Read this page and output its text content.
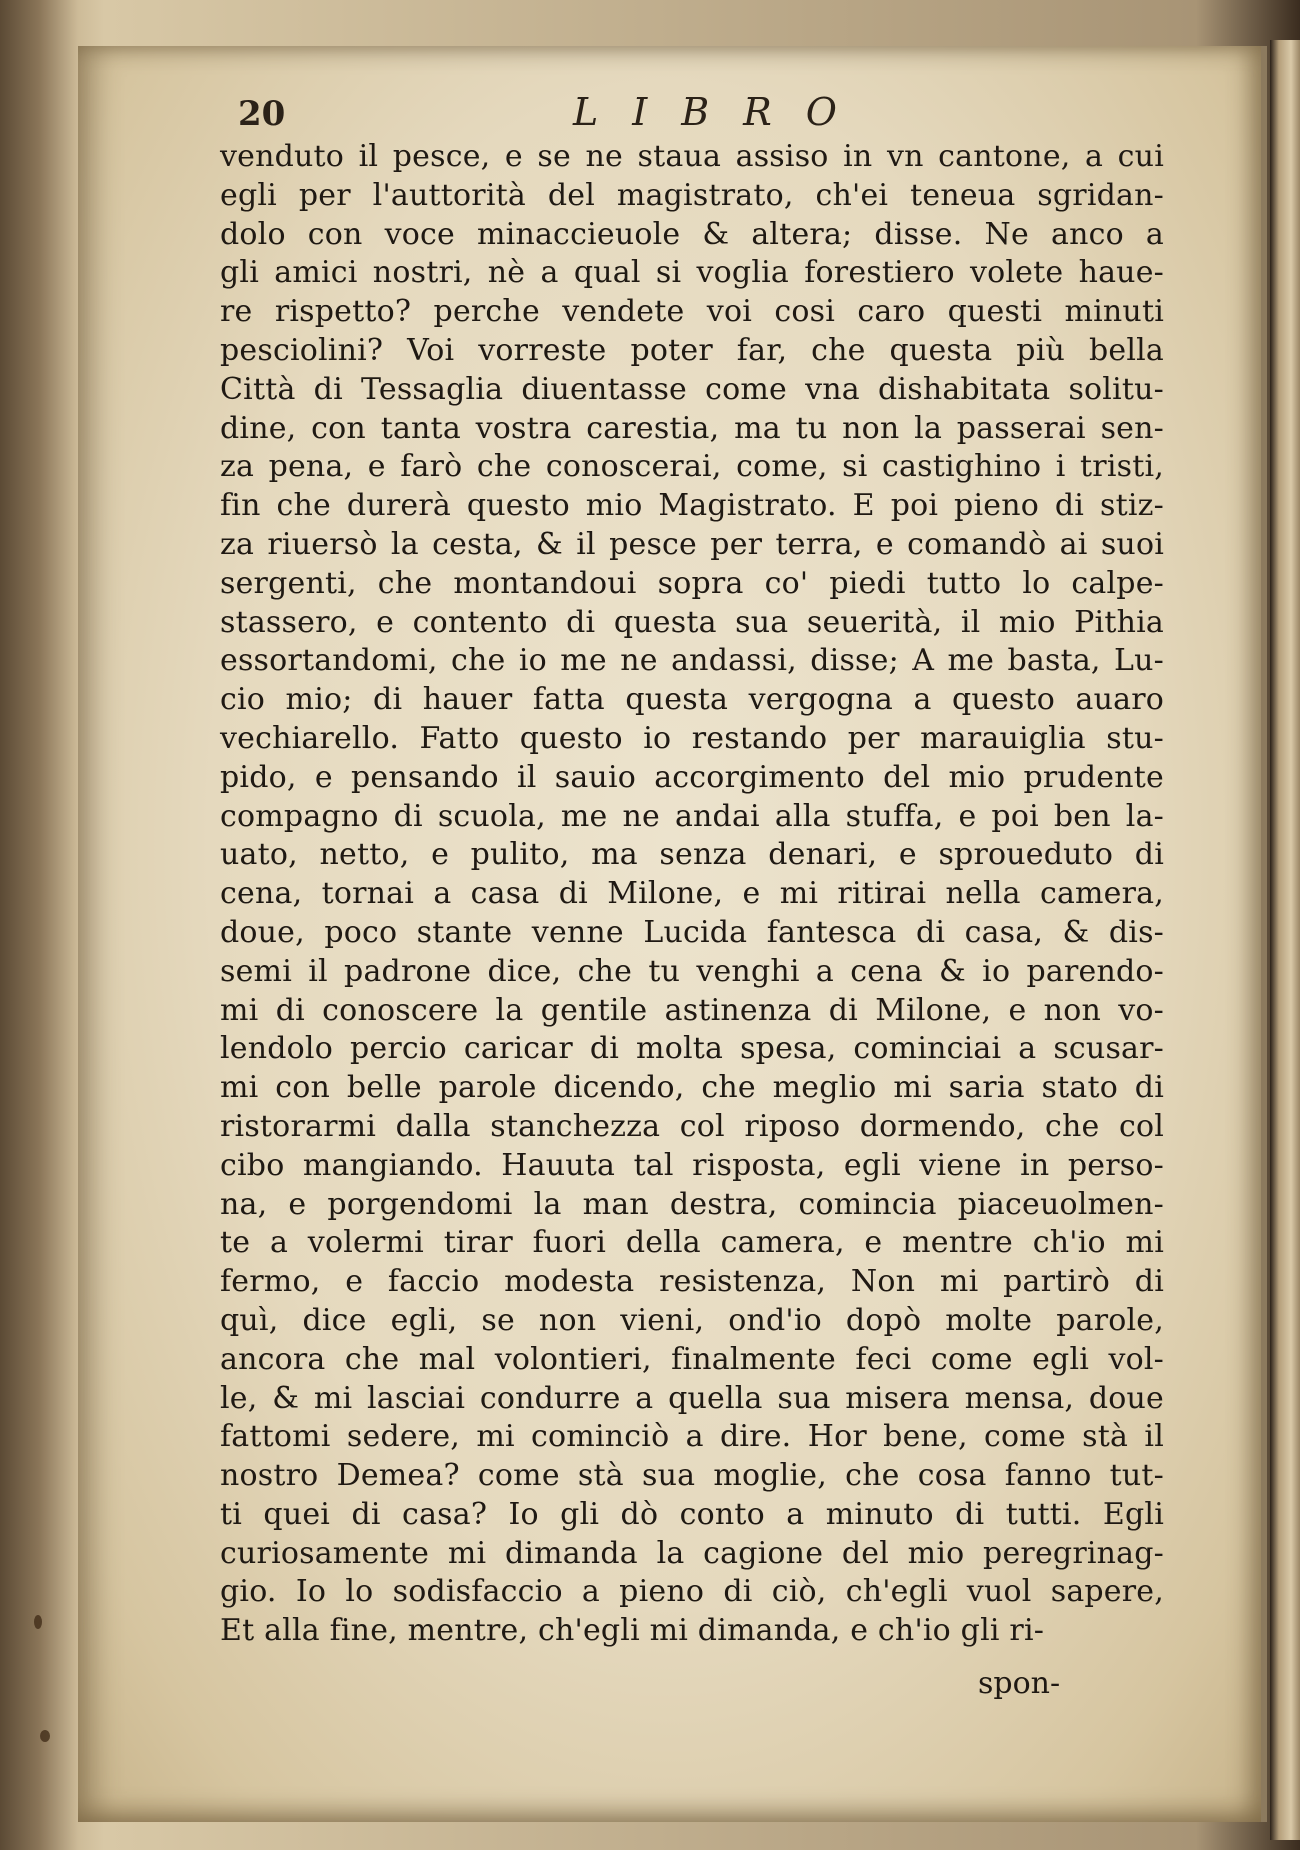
20	LIBRO
venduto il pesce, e se ne staua assiso in vn cantone, a cui
egli per l'auttorità del magistrato, ch'ei teneua sgridan-
dolo con voce minaccieuole & altera; disse. Ne anco a
gli amici nostri, nè a qual si voglia forestiero volete haue-
re rispetto? perche vendete voi cosi caro questi minuti
pesciolini? Voi vorreste poter far, che questa più bella
Città di Tessaglia diuentasse come vna dishabitata solitu-
dine, con tanta vostra carestia, ma tu non la passerai sen-
za pena, e farò che conoscerai, come, si castighino i tristi,
fin che durerà questo mio Magistrato. E poi pieno di stiz-
za riuersò la cesta, & il pesce per terra, e comandò ai suoi
sergenti, che montandoui sopra co' piedi tutto lo calpe-
stassero, e contento di questa sua seuerità, il mio Pithia
essortandomi, che io me ne andassi, disse; A me basta, Lu-
cio mio; di hauer fatta questa vergogna a questo auaro
vechiarello. Fatto questo io restando per marauiglia stu-
pido, e pensando il sauio accorgimento del mio prudente
compagno di scuola, me ne andai alla stuffa, e poi ben la-
uato, netto, e pulito, ma senza denari, e sproueduto di
cena, tornai a casa di Milone, e mi ritirai nella camera,
doue, poco stante venne Lucida fantesca di casa, & dis-
semi il padrone dice, che tu venghi a cena & io parendo-
mi di conoscere la gentile astinenza di Milone, e non vo-
lendolo percio caricar di molta spesa, cominciai a scusar-
mi con belle parole dicendo, che meglio mi saria stato di
ristorarmi dalla stanchezza col riposo dormendo, che col
cibo mangiando. Hauuta tal risposta, egli viene in perso-
na, e porgendomi la man destra, comincia piaceuolmen-
te a volermi tirar fuori della camera, e mentre ch'io mi
fermo, e faccio modesta resistenza, Non mi partirò di
quì, dice egli, se non vieni, ond'io dopò molte parole,
ancora che mal volontieri, finalmente feci come egli vol-
le, & mi lasciai condurre a quella sua misera mensa, doue
fattomi sedere, mi cominciò a dire. Hor bene, come stà il
nostro Demea? come stà sua moglie, che cosa fanno tut-
ti quei di casa? Io gli dò conto a minuto di tutti. Egli
curiosamente mi dimanda la cagione del mio peregrinag-
gio. Io lo sodisfaccio a pieno di ciò, ch'egli vuol sapere,
Et alla fine, mentre, ch'egli mi dimanda, e ch'io gli ri-
spon-
